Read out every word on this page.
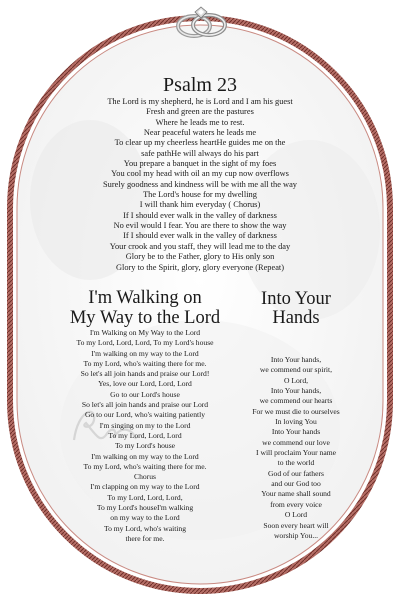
Psalm 23
The Lord is my shepherd, he is Lord and I am his guest
Fresh and green are the pastures
Where he leads me to rest.
Near peaceful waters he leads me
To clear up my cheerless heartHe guides me on the
safe pathHe will always do his part
You prepare a banquet in the sight of my foes
You cool my head with oil an my cup now overflows
Surely goodness and kindness will be with me all the way
The Lord's house for my dwelling
I will thank him everyday ( Chorus)
If I should ever walk in the valley of darkness
No evil would I fear. You are there to show the way
If I should ever walk in the valley of darkness
Your crook and you staff, they will lead me to the day
Glory be to the Father, glory to His only son
Glory to the Spirit, glory, glory everyone (Repeat)
I'm Walking on
My Way to the Lord
I'm Walking on My Way to the Lord
To my Lord, Lord, Lord, To my Lord's house
I'm walking on my way to the Lord
To my Lord, who's waiting there for me.
So let's all join hands and praise our Lord!
Yes, love our Lord, Lord, Lord
Go to our Lord's house
So let's all join hands and praise our Lord
Go to our Lord, who's waiting patiently
I'm singing on my to the Lord
To my Lord, Lord, Lord
To my Lord's house
I'm walking on my way to the Lord
To my Lord, who's waiting there for me.
Chorus
I'm clapping on my way to the Lord
To my Lord, Lord, Lord,
To my Lord's houseI'm walking
on my way to the Lord
To my Lord, who's waiting
there for me.
Into Your
Hands
Into Your hands,
we commend our spirit,
O Lord,
Into Your hands,
we commend our hearts
For we must die to ourselves
In loving You
Into Your hands
we commend our love
I will proclaim Your name
to the world
God of our fathers
and our God too
Your name shall sound
from every voice
O Lord
Soon every heart will
worship You...
